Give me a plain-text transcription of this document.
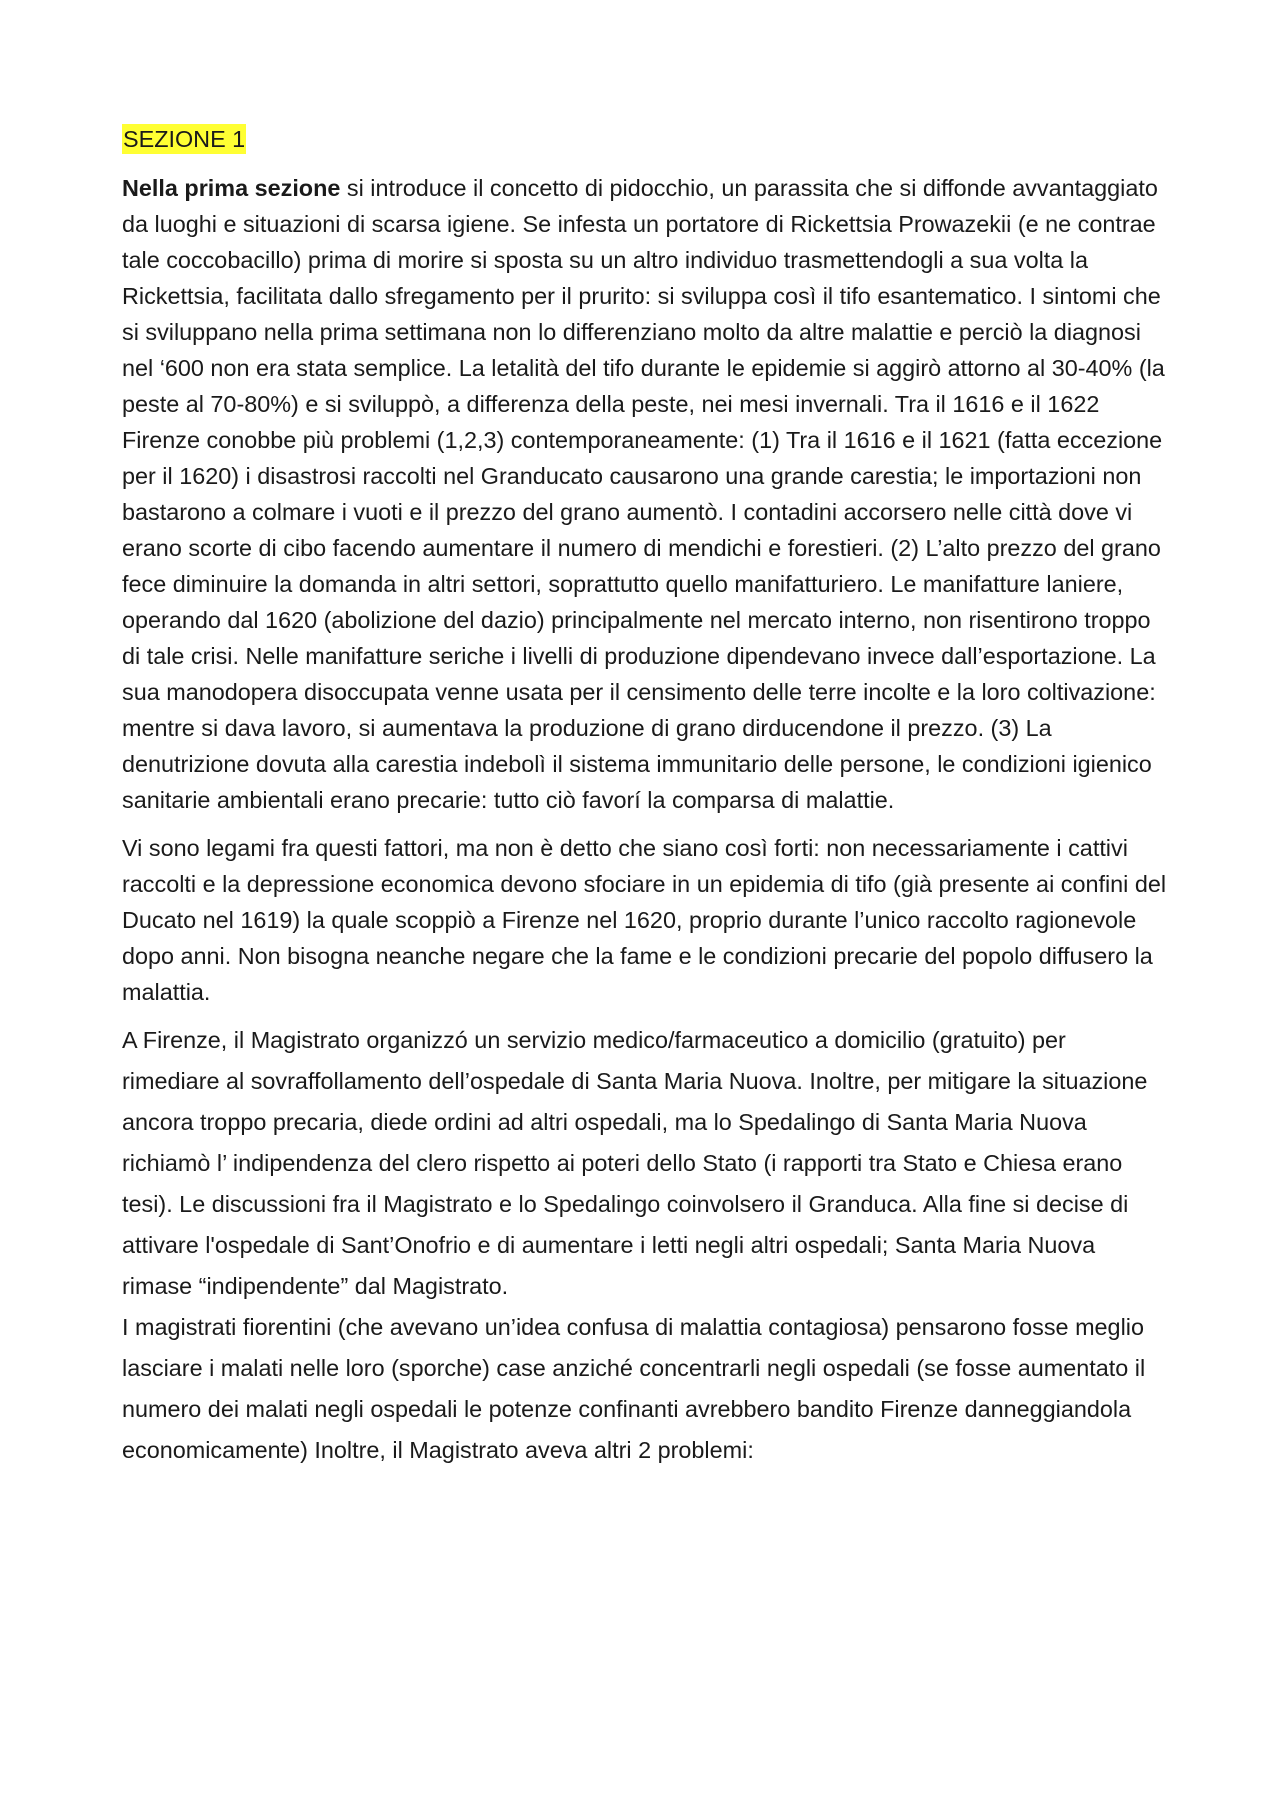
SEZIONE 1

Nella prima sezione si introduce il concetto di pidocchio, un parassita che si diffonde avvantaggiato da luoghi e situazioni di scarsa igiene. Se infesta un portatore di Rickettsia Prowazekii (e ne contrae tale coccobacillo) prima di morire si sposta su un altro individuo trasmettendogli a sua volta la Rickettsia, facilitata dallo sfregamento per il prurito: si sviluppa così il tifo esantematico. I sintomi che si sviluppano nella prima settimana non lo differenziano molto da altre malattie e perciò la diagnosi nel ‘600 non era stata semplice. La letalità del tifo durante le epidemie si aggirò attorno al 30-40% (la peste al 70-80%) e si sviluppò, a differenza della peste, nei mesi invernali. Tra il 1616 e il 1622 Firenze conobbe più problemi (1,2,3) contemporaneamente: (1) Tra il 1616 e il 1621 (fatta eccezione per il 1620) i disastrosi raccolti nel Granducato causarono una grande carestia; le importazioni non bastarono a colmare i vuoti e il prezzo del grano aumentò. I contadini accorsero nelle città dove vi erano scorte di cibo facendo aumentare il numero di mendichi e forestieri. (2) L’alto prezzo del grano fece diminuire la domanda in altri settori, soprattutto quello manifatturiero. Le manifatture laniere, operando dal 1620 (abolizione del dazio) principalmente nel mercato interno, non risentirono troppo di tale crisi. Nelle manifatture seriche i livelli di produzione dipendevano invece dall’esportazione. La sua manodopera disoccupata venne usata per il censimento delle terre incolte e la loro coltivazione: mentre si dava lavoro, si aumentava la produzione di grano dirducendone il prezzo. (3) La denutrizione dovuta alla carestia indebolì il sistema immunitario delle persone, le condizioni igienico sanitarie ambientali erano precarie: tutto ciò favorí la comparsa di malattie.

Vi sono legami fra questi fattori, ma non è detto che siano così forti: non necessariamente i cattivi raccolti e la depressione economica devono sfociare in un epidemia di tifo (già presente ai confini del Ducato nel 1619) la quale scoppiò a Firenze nel 1620, proprio durante l’unico raccolto ragionevole dopo anni. Non bisogna neanche negare che la fame e le condizioni precarie del popolo diffusero la malattia.

A Firenze, il Magistrato organizzó un servizio medico/farmaceutico a domicilio (gratuito) per rimediare al sovraffollamento dell’ospedale di Santa Maria Nuova. Inoltre, per mitigare la situazione ancora troppo precaria, diede ordini ad altri ospedali, ma lo Spedalingo di Santa Maria Nuova richiamò l’ indipendenza del clero rispetto ai poteri dello Stato (i rapporti tra Stato e Chiesa erano tesi). Le discussioni fra il Magistrato e lo Spedalingo coinvolsero il Granduca. Alla fine si decise di attivare l'ospedale di Sant’Onofrio e di aumentare i letti negli altri ospedali; Santa Maria Nuova rimase “indipendente” dal Magistrato.

I magistrati fiorentini (che avevano un’idea confusa di malattia contagiosa) pensarono fosse meglio lasciare i malati nelle loro (sporche) case anziché concentrarli negli ospedali (se fosse aumentato il numero dei malati negli ospedali le potenze confinanti avrebbero bandito Firenze danneggiandola economicamente) Inoltre, il Magistrato aveva altri 2 problemi:
